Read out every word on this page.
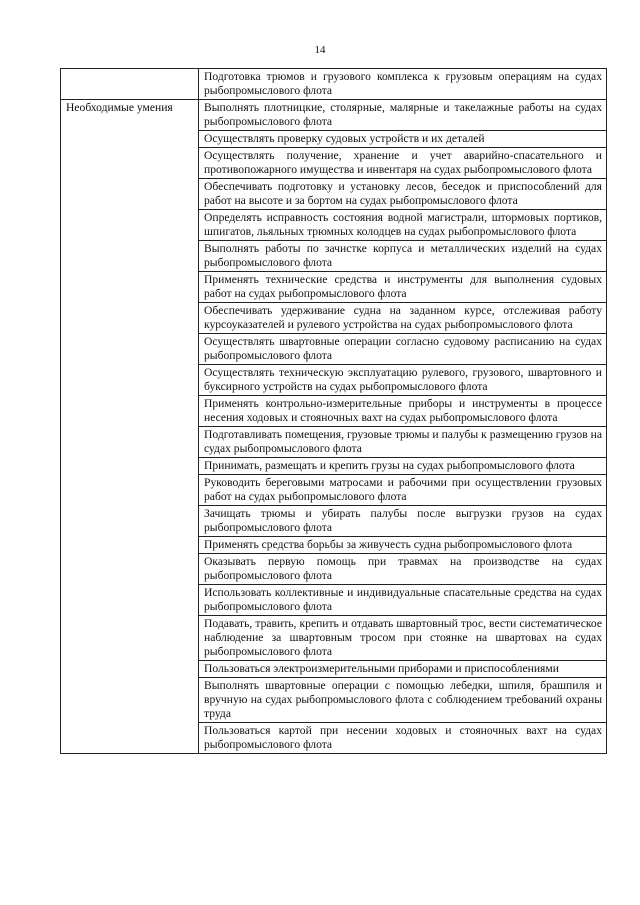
14
	Подготовка трюмов и грузового комплекса к грузовым операциям на судах рыбопромыслового флота
Необходимые умения	Выполнять плотницкие, столярные, малярные и такелажные работы на судах рыбопромыслового флота
	Осуществлять проверку судовых устройств и их деталей
	Осуществлять получение, хранение и учет аварийно-спасательного и противопожарного имущества и инвентаря на судах рыбопромыслового флота
	Обеспечивать подготовку и установку лесов, беседок и приспособлений для работ на высоте и за бортом на судах рыбопромыслового флота
	Определять исправность состояния водной магистрали, штормовых портиков, шпигатов, льяльных трюмных колодцев на судах рыбопромыслового флота
	Выполнять работы по зачистке корпуса и металлических изделий на судах рыбопромыслового флота
	Применять технические средства и инструменты для выполнения судовых работ на судах рыбопромыслового флота
	Обеспечивать удерживание судна на заданном курсе, отслеживая работу курсоуказателей и рулевого устройства на судах рыбопромыслового флота
	Осуществлять швартовные операции согласно судовому расписанию на судах рыбопромыслового флота
	Осуществлять техническую эксплуатацию рулевого, грузового, швартовного и буксирного устройств на судах рыбопромыслового флота
	Применять контрольно-измерительные приборы и инструменты в процессе несения ходовых и стояночных вахт на судах рыбопромыслового флота
	Подготавливать помещения, грузовые трюмы и палубы к размещению грузов на судах рыбопромыслового флота
	Принимать, размещать и крепить грузы на судах рыбопромыслового флота
	Руководить береговыми матросами и рабочими при осуществлении грузовых работ на судах рыбопромыслового флота
	Зачищать трюмы и убирать палубы после выгрузки грузов на судах рыбопромыслового флота
	Применять средства борьбы за живучесть судна рыбопромыслового флота
	Оказывать первую помощь при травмах на производстве на судах рыбопромыслового флота
	Использовать коллективные и индивидуальные спасательные средства на судах рыбопромыслового флота
	Подавать, травить, крепить и отдавать швартовный трос, вести систематическое наблюдение за швартовным тросом при стоянке на швартовах на судах рыбопромыслового флота
	Пользоваться электроизмерительными приборами и приспособлениями
	Выполнять швартовные операции с помощью лебедки, шпиля, брашпиля и вручную на судах рыбопромыслового флота с соблюдением требований охраны труда
	Пользоваться картой при несении ходовых и стояночных вахт на судах рыбопромыслового флота
